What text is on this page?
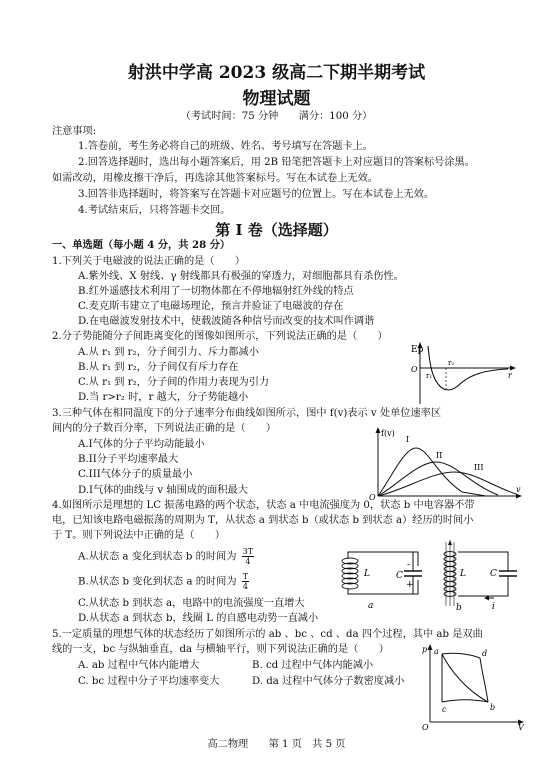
射洪中学高 2023 级高二下期半期考试
物理试题
（考试时间：75 分钟　　满分：100 分）
注意事项:
1.答卷前，考生务必将自己的班级、姓名、考号填写在答题卡上。
2.回答选择题时，选出每小题答案后，用 2B 铅笔把答题卡上对应题目的答案标号涂黑。
如需改动，用橡皮擦干净后，再选涂其他答案标号。写在本试卷上无效。
3.回答非选择题时，将答案写在答题卡对应题号的位置上。写在本试卷上无效。
4.考试结束后，只将答题卡交回。
第 I 卷（选择题）
一、单选题（每小题 4 分，共 28 分）
1.下列关于电磁波的说法正确的是（　　）
A.紫外线、X 射线、γ 射线都具有极强的穿透力，对细胞都具有杀伤性。
B.红外遥感技术利用了一切物体都在不停地辐射红外线的特点
C.麦克斯韦建立了电磁场理论，预言并验证了电磁波的存在
D.在电磁波发射技术中，使载波随各种信号而改变的技术叫作调谐
2.分子势能随分子间距离变化的图像如图所示，下列说法正确的是（　　）
A.从 r₁ 到 r₂，分子间引力、斥力都减小
B.从 r₁ 到 r₂，分子间仅有斥力存在
C.从 r₁ 到 r₂，分子间的作用力表现为引力
D.当 r>r₂ 时，r 越大，分子势能越小
Ep
O
r₁
r₂
r
3.三种气体在相同温度下的分子速率分布曲线如图所示，图中 f(v)表示 v 处单位速率区
间内的分子数百分率，下列说法正确的是（　　）
A.I气体的分子平均动能最小
B.II分子平均速率最大
C.III气体分子的质量最小
D.I气体的曲线与 v 轴围成的面积最大
f(v)
O
v
I
II
III
4.如图所示是理想的 LC 振荡电路的两个状态，状态 a 中电流强度为 0，状态 b 中电容器不带
电，已知该电路电磁振荡的周期为 T，从状态 a 到状态 b（或状态 b 到状态 a）经历的时间小
于 T。则下列说法中正确的是（　　）
A.从状态 a 变化到状态 b 的时间为 $\frac{3T}{4}$
B.从状态 b 变化到状态 a 的时间为 $\frac{T}{4}$
C.从状态 b 到状态 a，电路中的电流强度一直增大
D.从状态 a 到状态 b，线圈 L 的自感电动势一直减小
L	C
-
+
a
L	C
b	i
5.一定质量的理想气体的状态经历了如图所示的 ab 、bc 、cd 、da 四个过程，其中 ab 是双曲
线的一支，bc 与纵轴垂直，da 与横轴平行，则下列说法正确的是（　　）
A. ab 过程中气体内能增大	B. cd 过程中气体内能减小
C. bc 过程中分子平均速率变大	D. da 过程中气体分子数密度减小
p
V
O
a	d
c	b
高二物理　　第 1 页　共 5 页
